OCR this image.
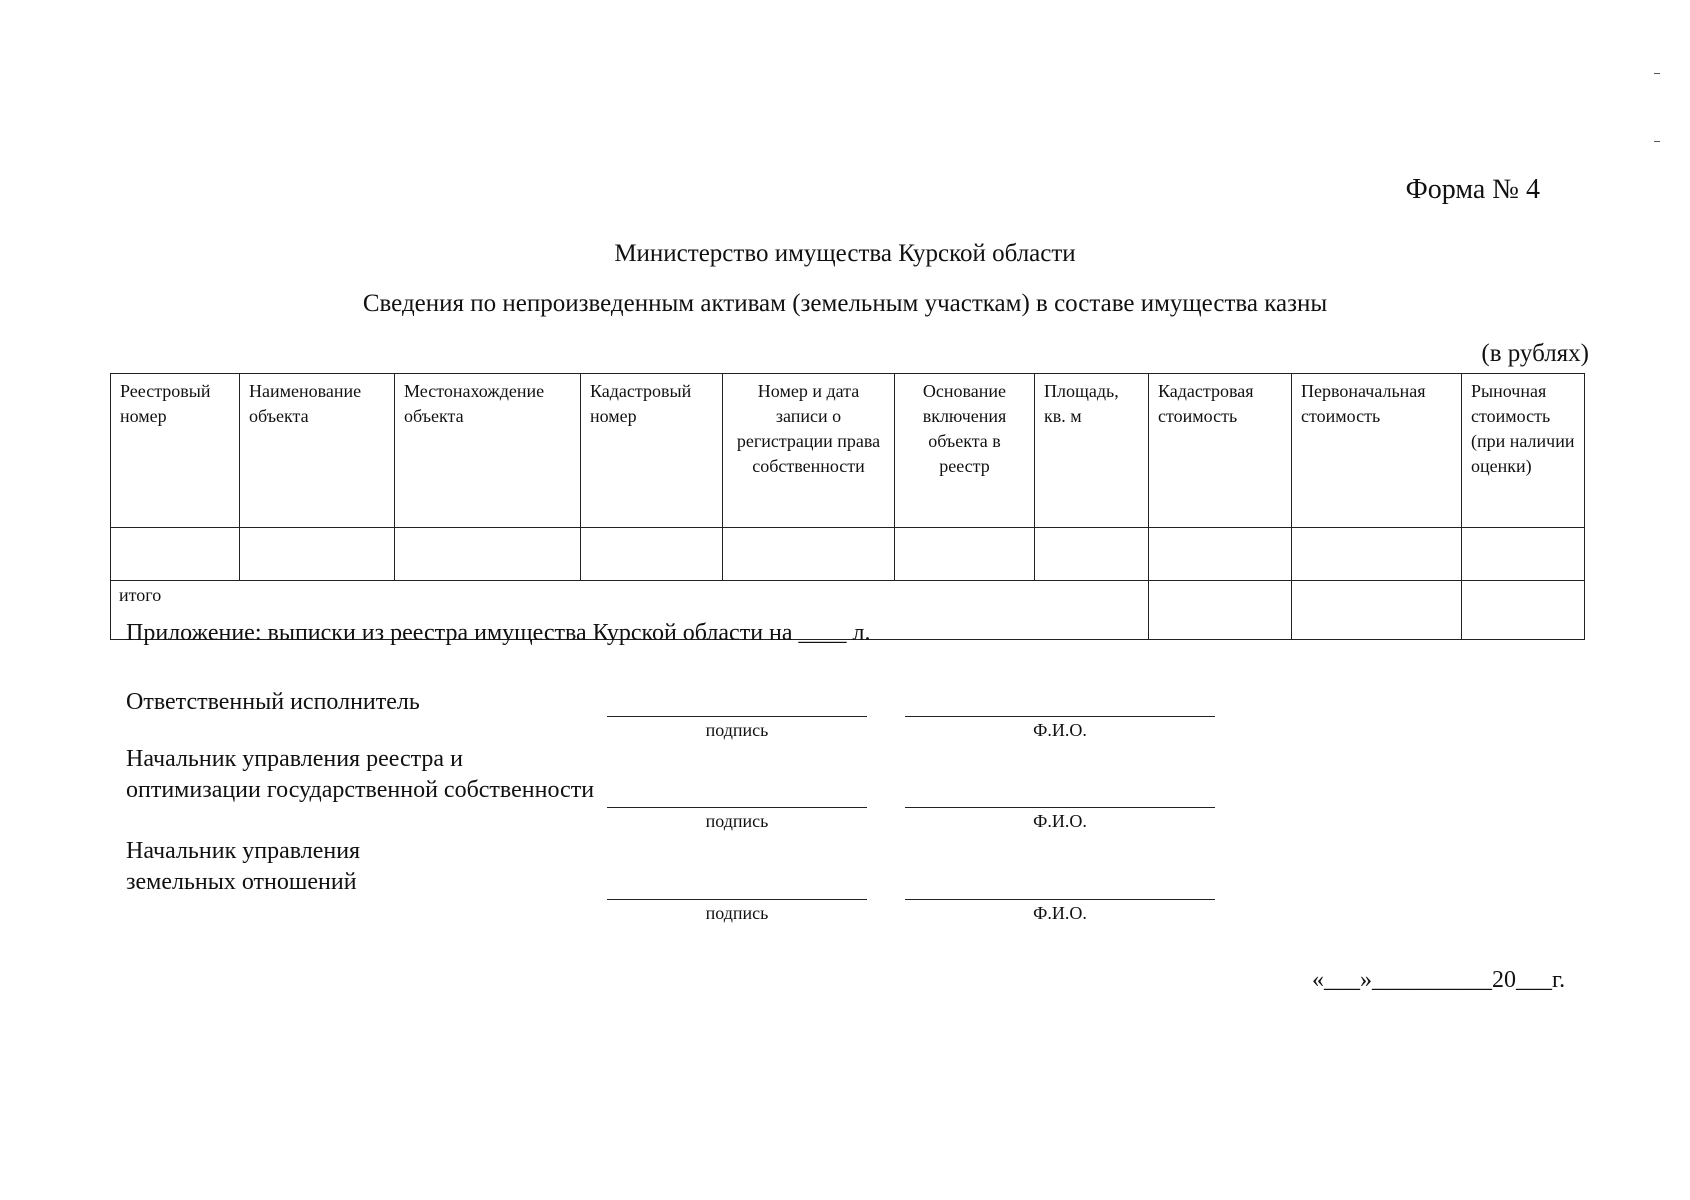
Форма № 4
Министерство имущества Курской области
Сведения по непроизведенным активам (земельным участкам) в составе имущества казны
(в рублях)
Реестровый номер	Наименование объекта	Местонахождение объекта	Кадастровый номер	Номер и дата записи о регистрации права собственности	Основание включения объекта в реестр	Площадь, кв. м	Кадастровая стоимость	Первоначальная стоимость	Рыночная стоимость (при наличии оценки)

итого									
Приложение: выписки из реестра имущества Курской области на ____ л.
Ответственный исполнитель
подпись	Ф.И.О.
Начальник управления реестра и оптимизации государственной собственности
подпись	Ф.И.О.
Начальник управления земельных отношений
подпись	Ф.И.О.
«___»__________20___г.
